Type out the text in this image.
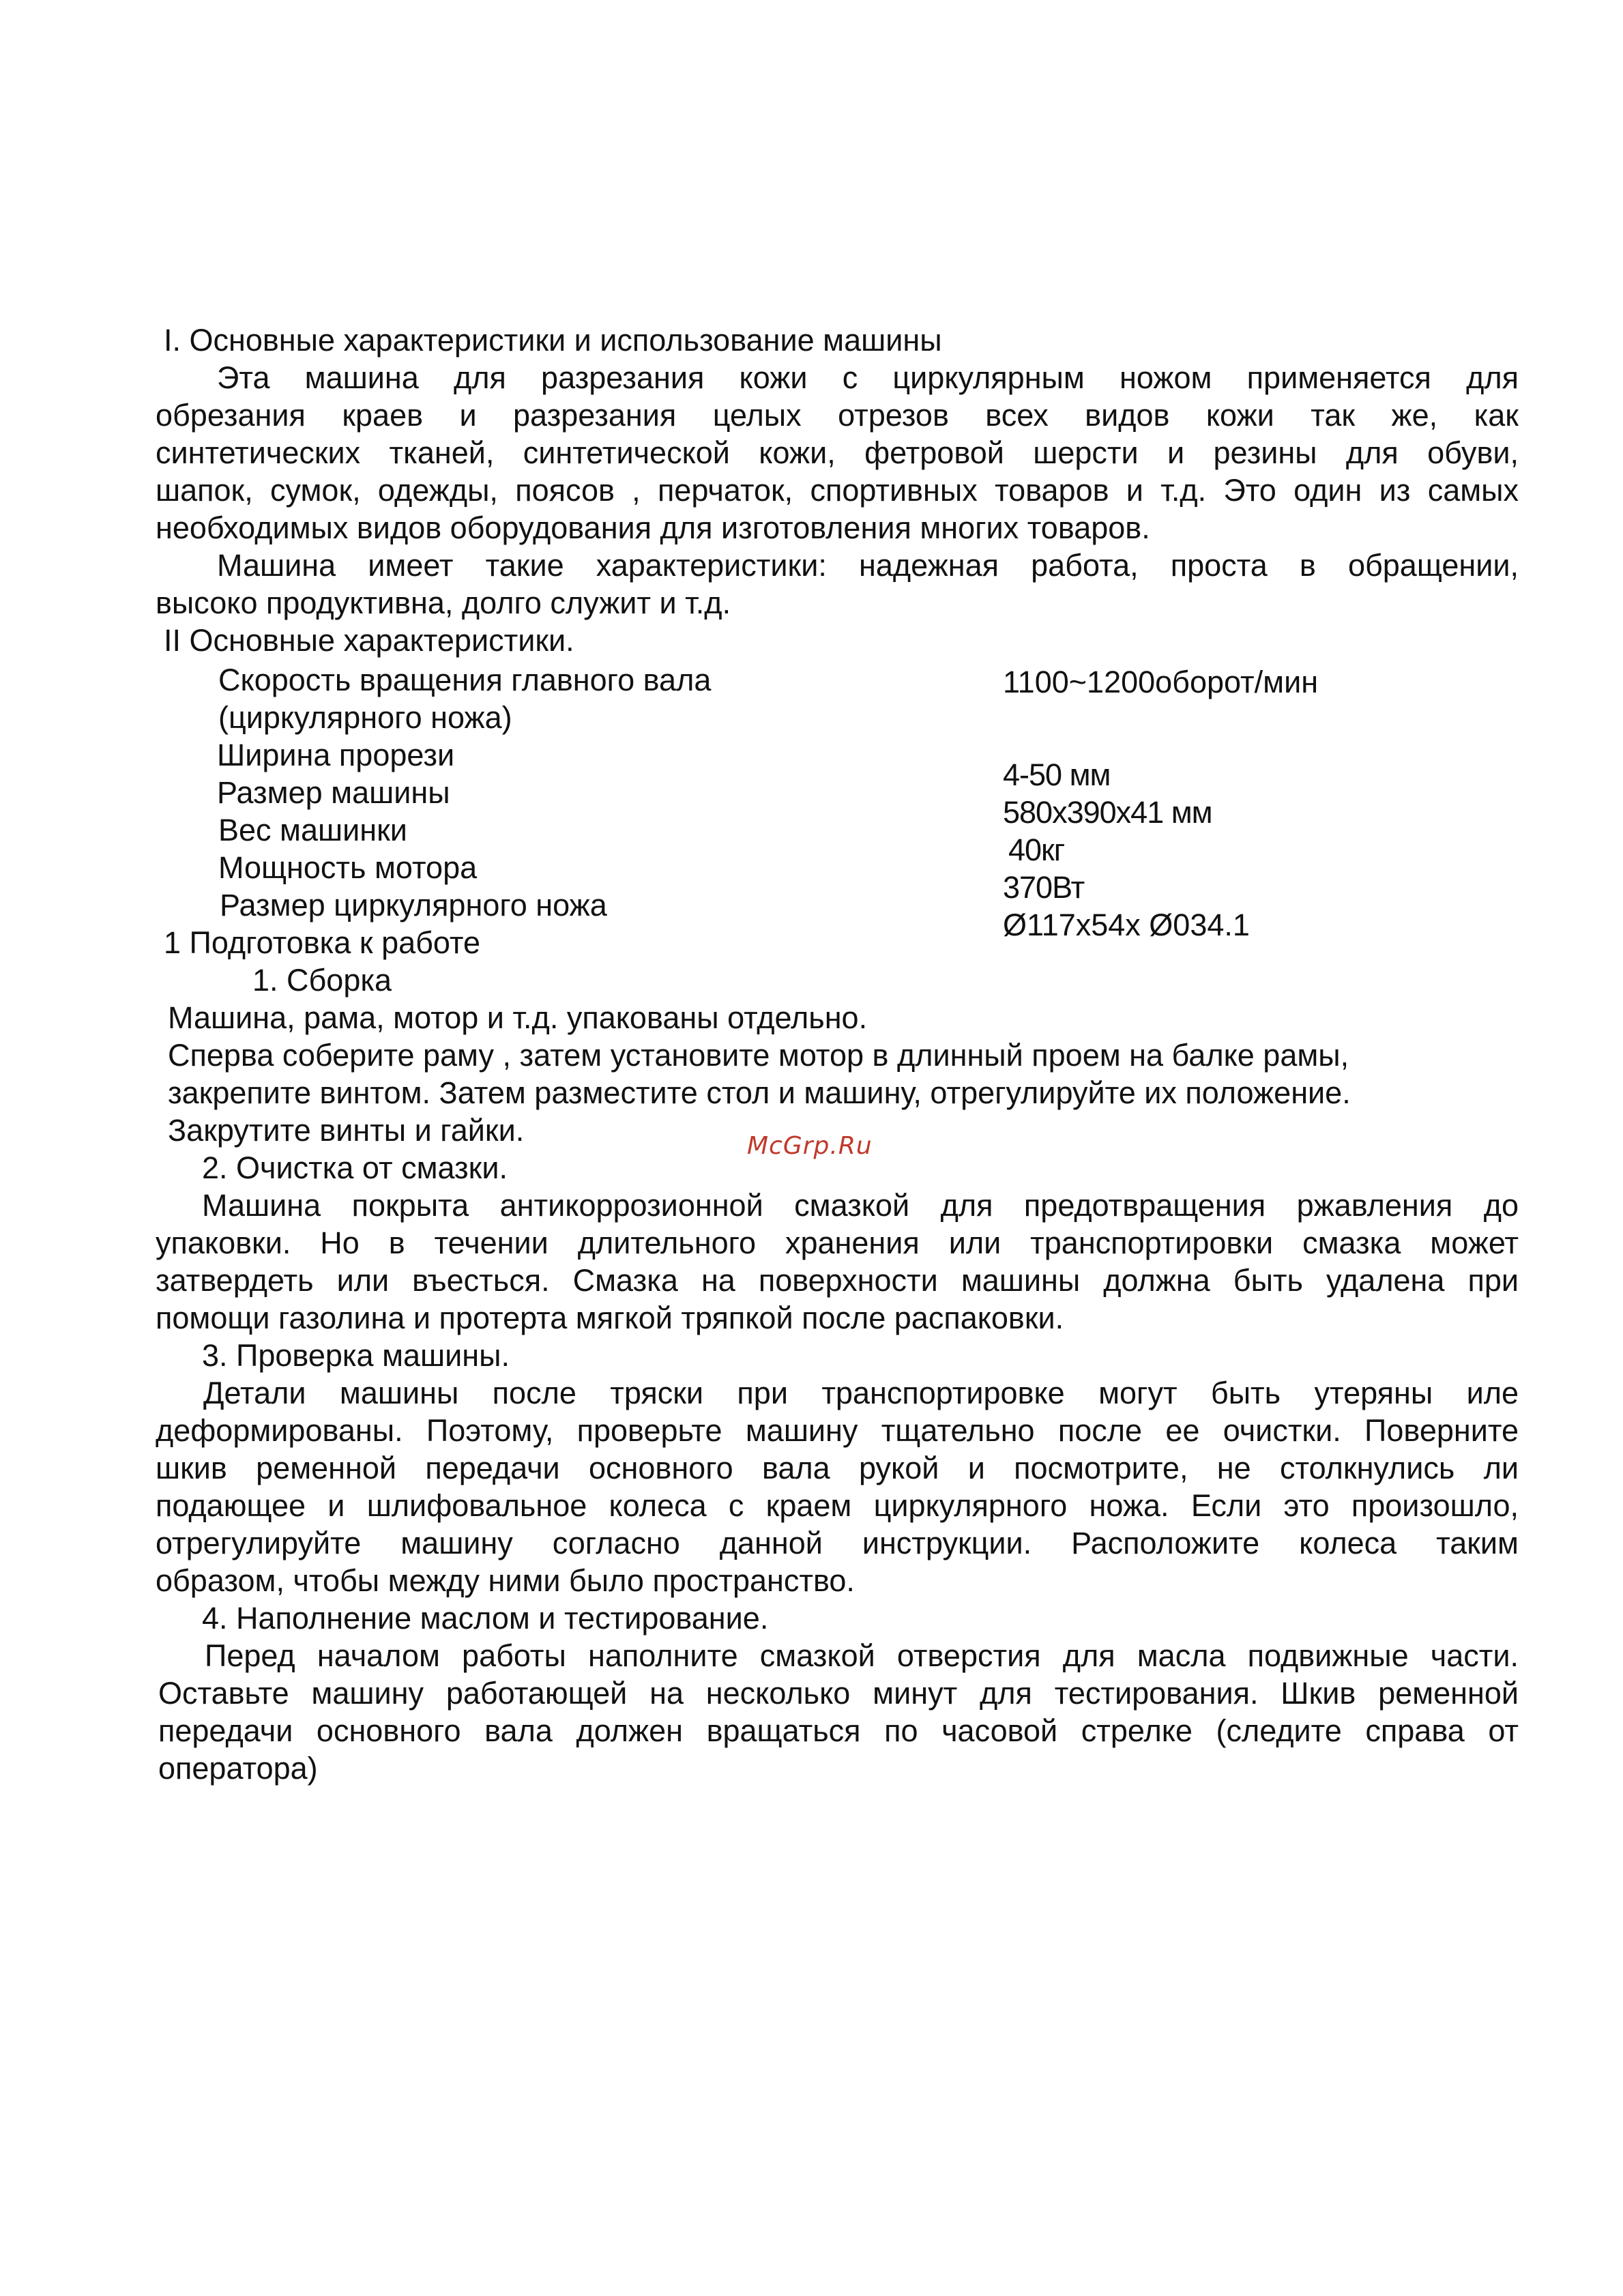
I. Основные характеристики и использование машины
Эта машина для разрезания кожи с циркулярным ножом применяется для
обрезания краев и разрезания целых отрезов всех видов кожи так же, как
синтетических тканей, синтетической кожи, фетровой шерсти и резины для обуви,
шапок, сумок, одежды, поясов , перчаток, спортивных товаров и т.д. Это один из самых
необходимых видов оборудования для изготовления многих товаров.
Машина имеет такие характеристики: надежная работа, проста в обращении,
высоко продуктивна, долго служит и т.д.
II Основные характеристики.
Скорость вращения главного вала
(циркулярного ножа)
Ширина прорези
Размер машины
Вес машинки
Мощность мотора
Размер циркулярного ножа
1100~1200оборот/мин
4-50 мм
580x390x41 мм
40кг
370Вт
Ø117x54x Ø034.1
1 Подготовка к работе
1. Сборка
Машина, рама, мотор и т.д. упакованы отдельно.
Сперва соберите раму , затем установите мотор в длинный проем на балке рамы,
закрепите винтом. Затем разместите стол и машину, отрегулируйте их положение.
Закрутите винты и гайки.	McGrp.Ru
2. Очистка от смазки.
Машина покрыта антикоррозионной смазкой для предотвращения ржавления до
упаковки. Но в течении длительного хранения или транспортировки смазка может
затвердеть или въесться. Смазка на поверхности машины должна быть удалена при
помощи газолина и протерта мягкой тряпкой после распаковки.
3. Проверка машины.
Детали машины после тряски при транспортировке могут быть утеряны иле
деформированы. Поэтому, проверьте машину тщательно после ее очистки. Поверните
шкив ременной передачи основного вала рукой и посмотрите, не столкнулись ли
подающее и шлифовальное колеса с краем циркулярного ножа. Если это произошло,
отрегулируйте машину согласно данной инструкции. Расположите колеса таким
образом, чтобы между ними было пространство.
4. Наполнение маслом и тестирование.
Перед началом работы наполните смазкой отверстия для масла подвижные части.
Оставьте машину работающей на несколько минут для тестирования. Шкив ременной
передачи основного вала должен вращаться по часовой стрелке (следите справа от
оператора)
